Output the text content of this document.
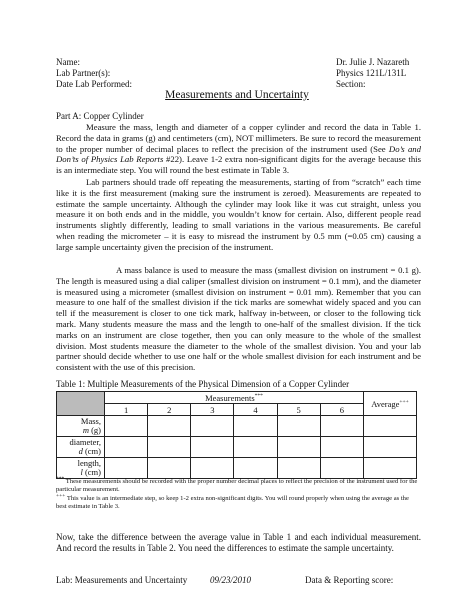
Name:
Lab Partner(s):
Date Lab Performed:
Dr. Julie J. Nazareth
Physics 121L/131L
Section:
Measurements and Uncertainty
Part A: Copper Cylinder
Measure the mass, length and diameter of a copper cylinder and record the data in Table 1. Record the data in grams (g) and centimeters (cm), NOT millimeters. Be sure to record the measurement to the proper number of decimal places to reflect the precision of the instrument used (See Do’s and Don’ts of Physics Lab Reports #22). Leave 1-2 extra non-significant digits for the average because this is an intermediate step. You will round the best estimate in Table 3.
Lab partners should trade off repeating the measurements, starting of from “scratch” each time like it is the first measurement (making sure the instrument is zeroed). Measurements are repeated to estimate the sample uncertainty. Although the cylinder may look like it was cut straight, unless you measure it on both ends and in the middle, you wouldn’t know for certain. Also, different people read instruments slightly differently, leading to small variations in the various measurements. Be careful when reading the micrometer – it is easy to misread the instrument by 0.5 mm (=0.05 cm) causing a large sample uncertainty given the precision of the instrument.
A mass balance is used to measure the mass (smallest division on instrument = 0.1 g). The length is measured using a dial caliper (smallest division on instrument = 0.1 mm), and the diameter is measured using a micrometer (smallest division on instrument = 0.01 mm). Remember that you can measure to one half of the smallest division if the tick marks are somewhat widely spaced and you can tell if the measurement is closer to one tick mark, halfway in-between, or closer to the following tick mark. Many students measure the mass and the length to one-half of the smallest division. If the tick marks on an instrument are close together, then you can only measure to the whole of the smallest division. Most students measure the diameter to the whole of the smallest division. You and your lab partner should decide whether to use one half or the whole smallest division for each instrument and be consistent with the use of this precision.
Table 1: Multiple Measurements of the Physical Dimension of a Copper Cylinder
	Measurements***						Average+++
	1	2	3	4	5	6	
Mass,
m (g)							
diameter,
d (cm)							
length,
l (cm)							
*** These measurements should be recorded with the proper number decimal places to reflect the precision of the instrument used for the particular measurement.
+++ This value is an intermediate step, so keep 1-2 extra non-significant digits. You will round properly when using the average as the best estimate in Table 3.
Now, take the difference between the average value in Table 1 and each individual measurement. And record the results in Table 2. You need the differences to estimate the sample uncertainty.
Lab: Measurements and Uncertainty	09/23/2010	Data & Reporting score:
